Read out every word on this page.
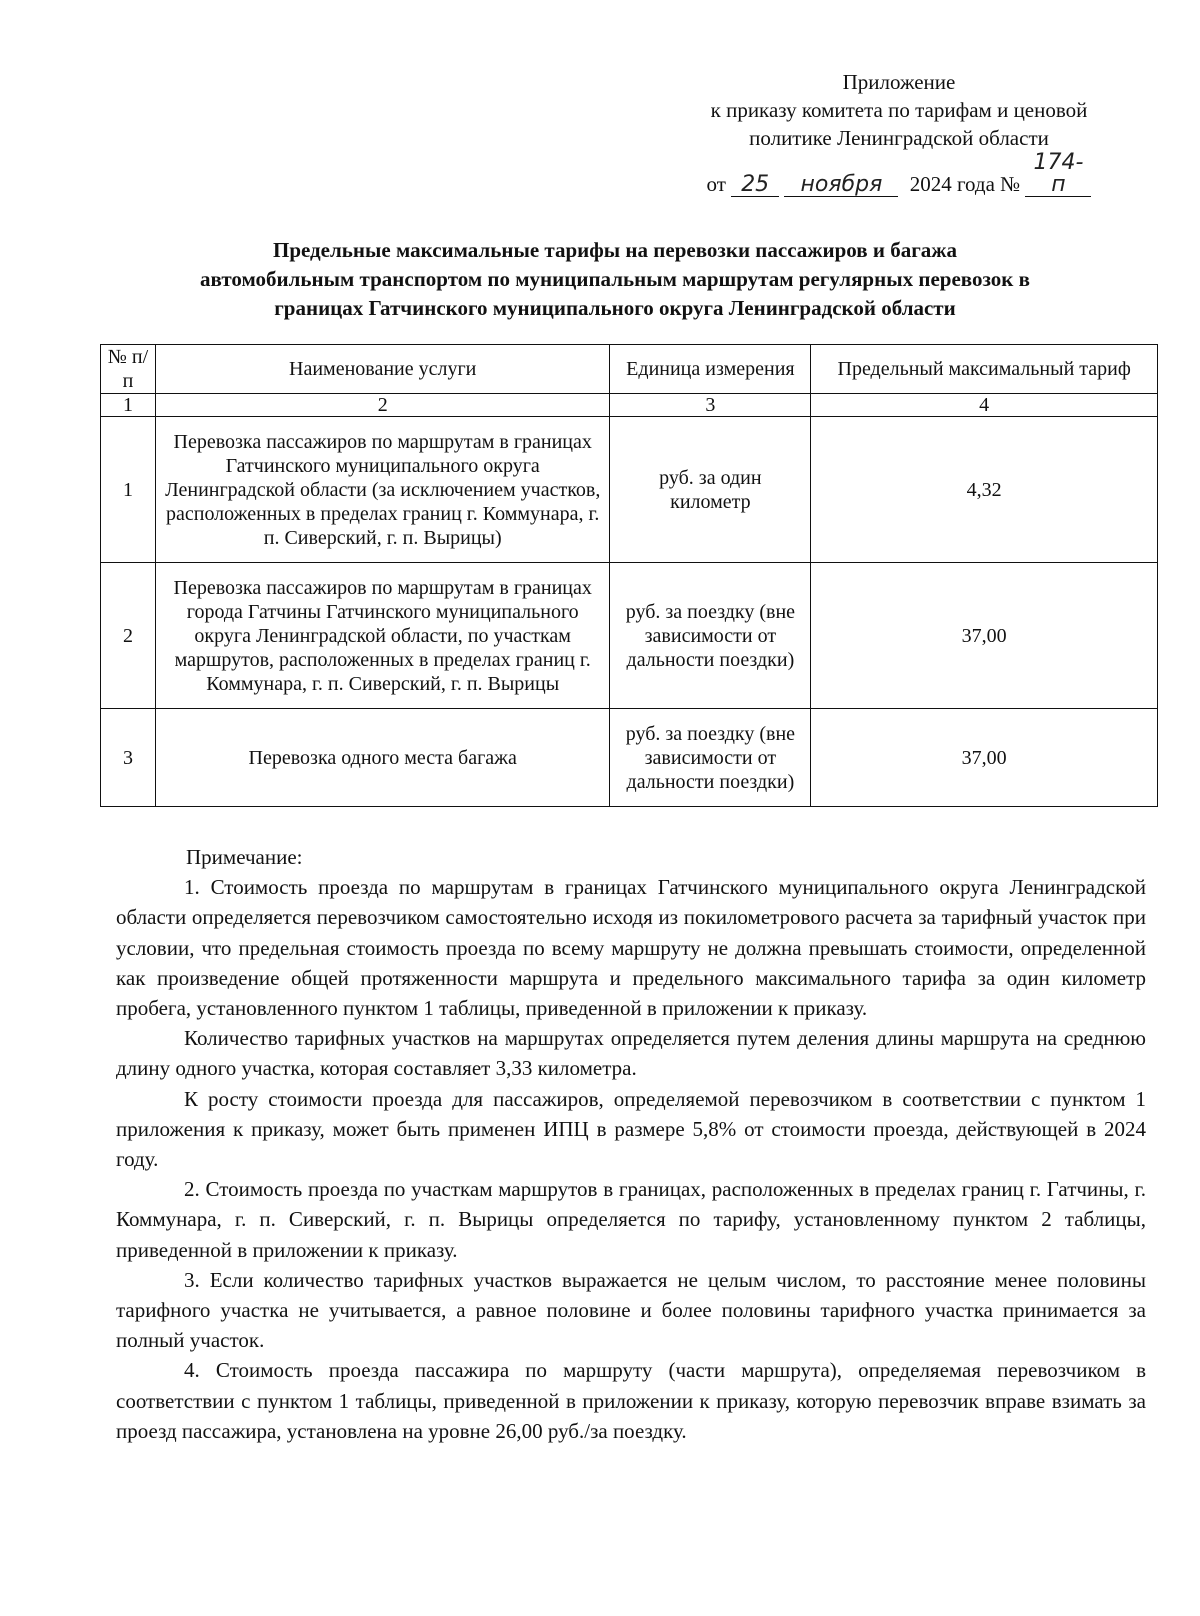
Приложение
к приказу комитета по тарифам и ценовой
политике Ленинградской области
от 25 ноября 2024 года № 174-п
Предельные максимальные тарифы на перевозки пассажиров и багажа
автомобильным транспортом по муниципальным маршрутам регулярных перевозок в
границах Гатчинского муниципального округа Ленинградской области
№ п/п	Наименование услуги	Единица измерения	Предельный максимальный тариф
1	2	3	4
1	Перевозка пассажиров по маршрутам в границах Гатчинского муниципального округа Ленинградской области (за исключением участков, расположенных в пределах границ г. Коммунара, г. п. Сиверский, г. п. Вырицы)	руб. за один километр	4,32
2	Перевозка пассажиров по маршрутам в границах города Гатчины Гатчинского муниципального округа Ленинградской области, по участкам маршрутов, расположенных в пределах границ г. Коммунара, г. п. Сиверский, г. п. Вырицы	руб. за поездку (вне зависимости от дальности поездки)	37,00
3	Перевозка одного места багажа	руб. за поездку (вне зависимости от дальности поездки)	37,00

Примечание:

1. Стоимость проезда по маршрутам в границах Гатчинского муниципального округа Ленинградской области определяется перевозчиком самостоятельно исходя из покилометрового расчета за тарифный участок при условии, что предельная стоимость проезда по всему маршруту не должна превышать стоимости, определенной как произведение общей протяженности маршрута и предельного максимального тарифа за один километр пробега, установленного пунктом 1 таблицы, приведенной в приложении к приказу.

Количество тарифных участков на маршрутах определяется путем деления длины маршрута на среднюю длину одного участка, которая составляет 3,33 километра.

К росту стоимости проезда для пассажиров, определяемой перевозчиком в соответствии с пунктом 1 приложения к приказу, может быть применен ИПЦ в размере 5,8% от стоимости проезда, действующей в 2024 году.

2. Стоимость проезда по участкам маршрутов в границах, расположенных в пределах границ г. Гатчины, г. Коммунара, г. п. Сиверский, г. п. Вырицы определяется по тарифу, установленному пунктом 2 таблицы, приведенной в приложении к приказу.

3. Если количество тарифных участков выражается не целым числом, то расстояние менее половины тарифного участка не учитывается, а равное половине и более половины тарифного участка принимается за полный участок.

4. Стоимость проезда пассажира по маршруту (части маршрута), определяемая перевозчиком в соответствии с пунктом 1 таблицы, приведенной в приложении к приказу, которую перевозчик вправе взимать за проезд пассажира, установлена на уровне 26,00 руб./за поездку.
